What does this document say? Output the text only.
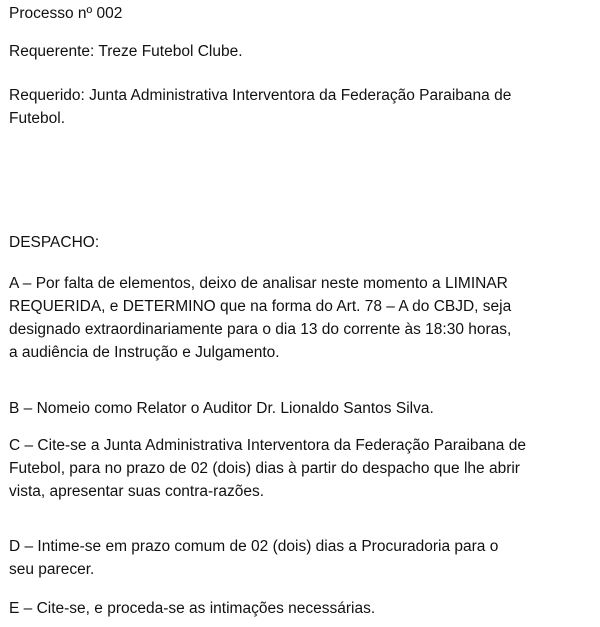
Processo nº 002

Requerente: Treze Futebol Clube.

Requerido: Junta Administrativa Interventora da Federação Paraibana de

Futebol.

DESPACHO:

A – Por falta de elementos, deixo de analisar neste momento a LIMINAR

REQUERIDA, e DETERMINO que na forma do Art. 78 – A do CBJD, seja

designado extraordinariamente para o dia 13 do corrente às 18:30 horas,

a audiência de Instrução e Julgamento.

B – Nomeio como Relator o Auditor Dr. Lionaldo Santos Silva.

C – Cite-se a Junta Administrativa Interventora da Federação Paraibana de

Futebol, para no prazo de 02 (dois) dias à partir do despacho que lhe abrir

vista, apresentar suas contra-razões.

D – Intime-se em prazo comum de 02 (dois) dias a Procuradoria para o

seu parecer.

E – Cite-se, e proceda-se as intimações necessárias.
